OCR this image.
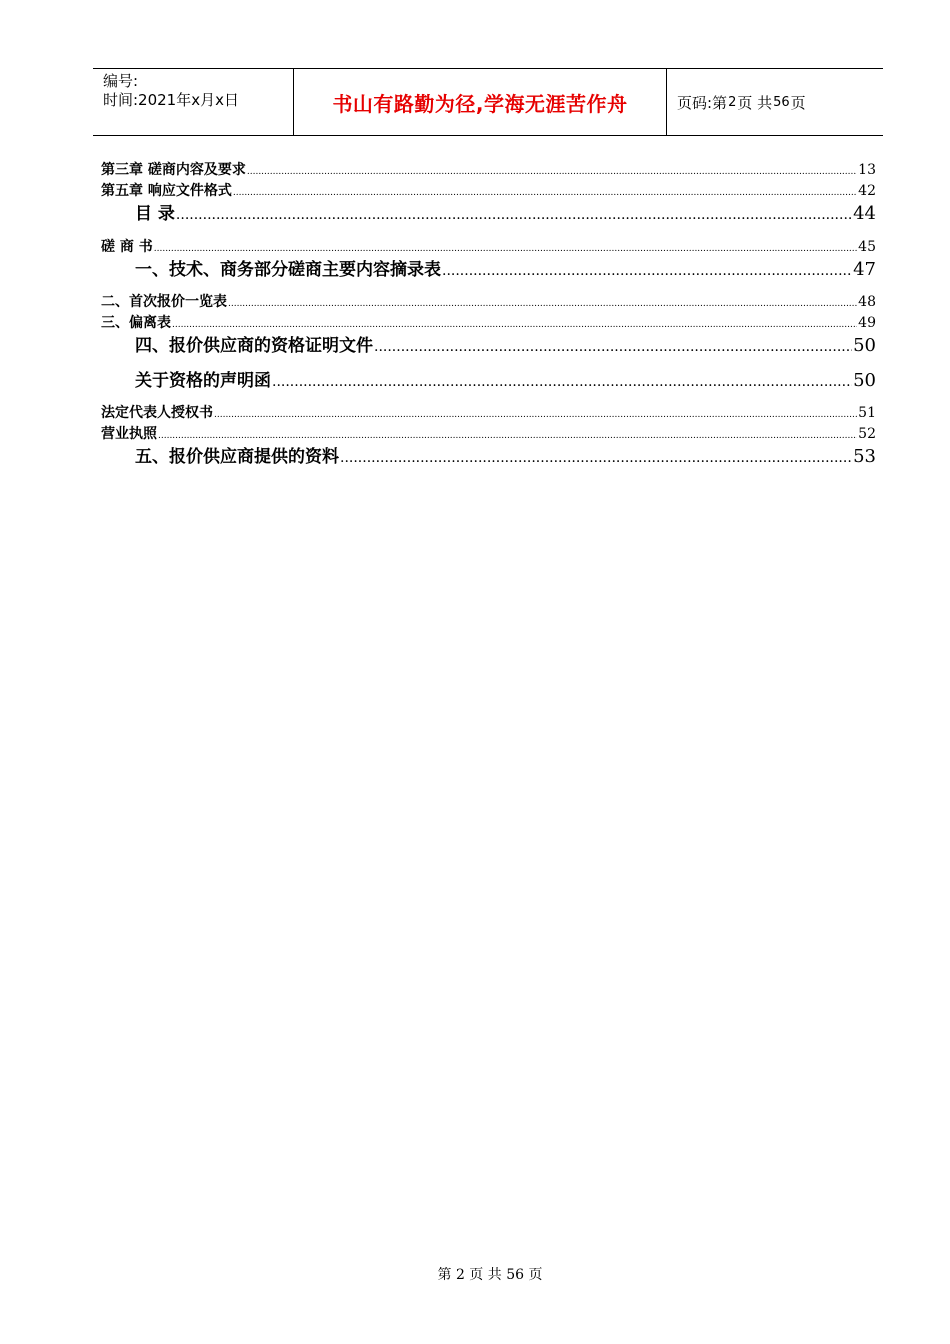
编号:
时间:2021年x月x日	书山有路勤为径,学海无涯苦作舟	页码:第 2 页 共 56 页
第三章 磋商内容及要求 .....	13
第五章 响应文件格式 .....	42
目 录 .....	44
磋 商 书 .....	45
一、技术、商务部分磋商主要内容摘录表 .....	47
二、首次报价一览表 .....	48
三、偏离表 .....	49
四、报价供应商的资格证明文件 .....	50
关于资格的声明函 .....	50
法定代表人授权书 .....	51
营业执照 .....	52
五、报价供应商提供的资料 .....	53
第 2 页 共 56 页
